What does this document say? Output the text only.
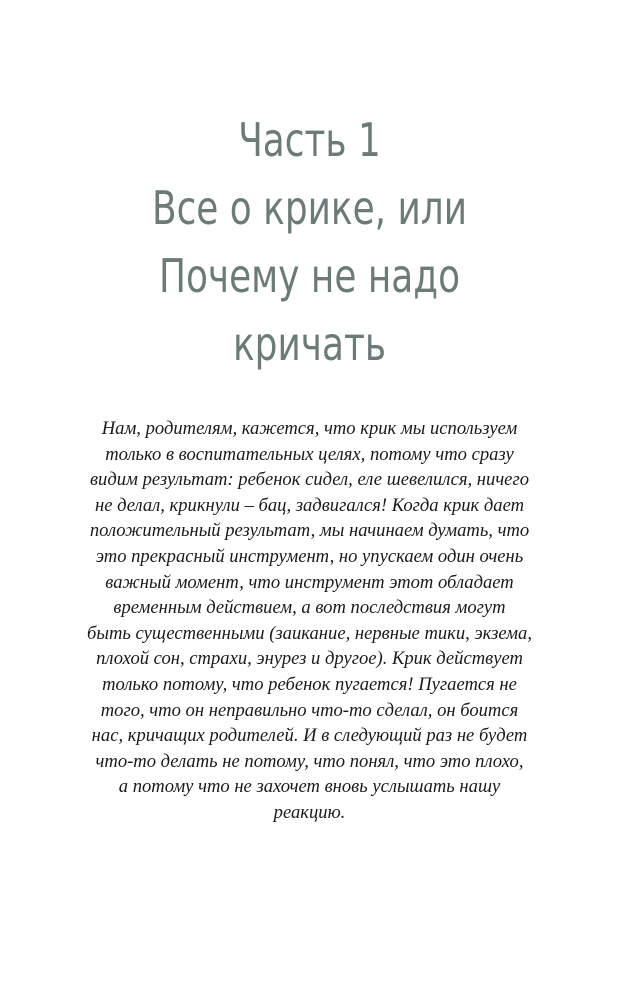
Часть 1
Все о крике, или
Почему не надо
кричать

Нам, родителям, кажется, что крик мы используем
только в воспитательных целях, потому что сразу
видим результат: ребенок сидел, еле шевелился, ничего
не делал, крикнули – бац, задвигался! Когда крик дает
положительный результат, мы начинаем думать, что
это прекрасный инструмент, но упускаем один очень
важный момент, что инструмент этот обладает
временным действием, а вот последствия могут
быть существенными (заикание, нервные тики, экзема,
плохой сон, страхи, энурез и другое). Крик действует
только потому, что ребенок пугается! Пугается не
того, что он неправильно что-то сделал, он боится
нас, кричащих родителей. И в следующий раз не будет
что-то делать не потому, что понял, что это плохо,
а потому что не захочет вновь услышать нашу
реакцию.
